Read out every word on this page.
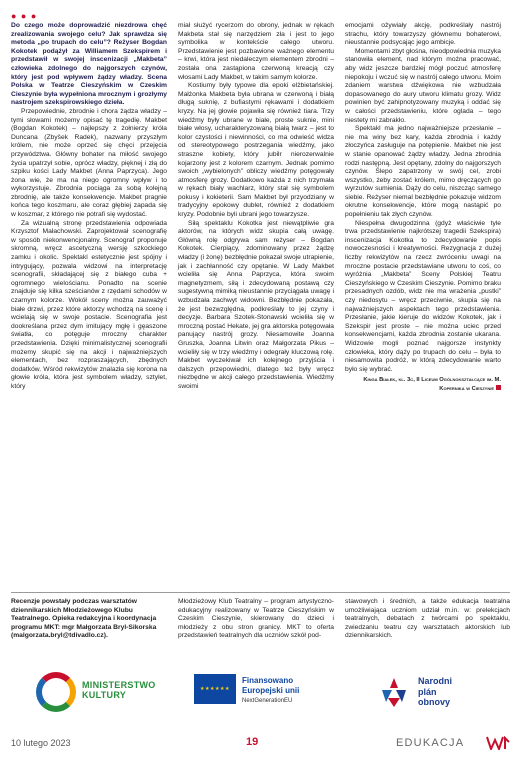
● ● ●

Do czego może doprowadzić niezdrowa chęć zrealizowania swojego celu? Jak sprawdza się metoda „po trupach do celu”? Reżyser Bogdan Kokotek podążył za Williamem Szekspirem i przedstawił w swojej inscenizacji „Makbeta” człowieka zdolnego do najgorszych czynów, który jest pod wpływem żądzy władzy. Scena Polska w Teatrze Cieszyńskim w Czeskim Cieszynie była wypełniona mrocznym i grozłymy nastrojem szekspirowskiego dzieła.

Przepowiednie, zbrodnie i chora żądza władzy – tymi słowami możemy opisać tę tragedię. Makbet (Bogdan Kokotek) – najlepszy z żołnierzy króla Duncana (Zbyšek Radek), nazwany przyszłym królem, nie może oprzeć się chęci przejęcia przywództwa. Główny bohater na miłość swojego życia upatrzył sobie, oprócz władzy, pięknej i złą do szpiku kości Lady Makbet (Anna Paprzyca). Jego żona wie, że ma na niego ogromny wpływ i to wykorzystuje. Zbrodnia pociąga za sobą kolejną zbrodnię, ale także konsekwencje. Makbet pragnie końca tego koszmaru, ale coraz głębiej zapada się w koszmar, z którego nie potrafi się wydostać.

Za wizualną stronę przedstawienia odpowiada Krzysztof Małachowski. Zaprojektował scenografię w sposób niekonwencjonalny. Scenograf proponuje skromną, wręcz ascetyczną wersję szkockiego zamku i okolic. Spektakl estetycznie jest spójny i intrygujący, pozwala widzowi na interpretację scenografii, składającej się z białego cuba + ogromnego wielościanu. Ponadto na scenie znajduje się kilka sześcianów z rzędami schodów w czarnym kolorze. Wokół sceny można zauważyć białe drzwi, przez które aktorzy wchodzą na scenę i wcielają się w swoje postacie. Scenografia jest dookreślana przez dym imitujący mgłę i gęaszone światła, co potęguje mroczny charakter przedstawienia. Dzięki minimalistycznej scenografii możemy skupić się na akcji i najważniejszych elementach, bez rozpraszających, zbędnych dodatków. Wśród rekwizytów znalazła się korona na głowie króla, która jest symbolem władzy, sztylet, który

miał służyć rycerzom do obrony, jednak w rękach Makbeta stał się narzędziem zła i jest to jego symbolika w kontekście całego utworu. Przedstawienie jest pozbawione ważnego elementu – krwi, która jest niedaleczym elementem zbrodni – została ona zastąpiona czerwoną kreacją czy włosami Lady Makbet, w takim samym kolorze.

Kostiumy były typowe dla epoki elżbietańskiej. Małżonka Makbeta była ubrana w czerwoną i białą długą suknię, z bufiastymi rękawami i dodatkiem kryzy. Na jej głowie pojawiła się również tiara. Trzy wiedźmy były ubrane w białe, proste suknie, mini białe włosy, ucharakteryzowaną białą twarz – jest to kolor czystości i niewinności, co ma odwieść widza od stereotypowego postrzegania wiedźmy, jako straszne kobiety, który jubilr nierozerwalnie kojarzony jest z kolorem czarnym. Jednak pomimo swoich „wybielonych” obliczy wiedźmy potęgowały atmosferę grozy. Dodatkowo każda z nich trzymała w rękach biały wachlarz, który stał się symbolem pokusy i kokieterii. Sam Makbet był przyodziany w tradycyjny epokowy dublet, również z dodatkiem kryzy. Podobnie byli ubrani jego towarzysze.

Siłą spektaklu Kokotka jest niewątpliwie gra aktorów, na których widz skupia całą uwagę. Główną rolę odgrywa sam reżyser – Bogdan Kokotek. Cierpiący, zdominowany przez żądzę władzy (i żonę) bezbłędnie pokazał swoje utrapienie, jak i zachłanność czy opętanie. W Lady Makbet wcieliła się Anna Paprzyca, która swoim magnetyzmem, siłą i zdecydowaną postawą czy sugestywną mimiką nieustannie przyciągała uwagę i wzbudzała zachwyt widowni. Bezbłędnie pokazała, że jest bezwzględna, podkreślały to jej czyny i decyzje. Barbara Szotek-Stonawski wcieliła się w mroczną postać Hekate, jej gra aktorska potęgowała panujący nastrój grozy. Niesamowite Joanna Gruszka, Joanna Litwin oraz Małgorzata Pikus – wcieliły się w trzy wiedźmy i odegrały kluczową rolę. Makbet wyczekiwał ich kolejnego przyjścia i dalszych przepowiedni, dlatego też były wręcz niezbędne w akcji całego przedstawienia. Wiedźmy swoimi

emocjami ożywiały akcję, podkreślały nastrój strachu, który towarzyszy głównemu bohaterowi, nieustannie podsycając jego ambicje.

Momentami zbyt głośna, nieodpowiednia muzyka stanowiła element, nad którym można pracować, aby widz jeszcze bardziej mógł poczuć atmosferę niepokoju i wczuć się w nastrój całego utworu. Moim zdaniem warstwa dźwiękowa nie wzbudzała dopasowanego do aury utworu klimatu grozy. Widz powinien być zahipnotyzowany muzyką i oddać się w całości przedstawieniu, które oglada – tego niestety mi zabrakło.

Spektakl ma jedno najważniejsze przesłanie – nie ma winy bez kary, każda zbrodnia i każdy złoczyńca zasługuje na potępienie. Makbet nie jest w stanie opanować żądzy władzy. Jedna zbrodnia rodzi następną. Jest opętany, zdolny do najgorszych czynów. Ślepo zapatrzony w swój cel, zrobi wszystko, żeby zostać królem, mimo dręczących go wyrzutów sumienia. Dąży do celu, niszcząc samego siebie. Reżyser niemal bezbłędnie pokazuje widzom okrutne konsekwencje, które mogą nastąpić po popełnieniu tak złych czynów.

Niespełna dwugodzinna (gdyż właściwie tyle trwa przedstawienie najkrótszej tragedii Szekspira) inscenizacja Kokotka to zdecydowanie popis nowoczesności i kreatywności. Rezygnacja z dużej liczby rekwizytów na rzecz zwróceniu uwagi na mroczne postacie przedstawiane utworu to coś, co wyróżnia „Makbeta” Sceny Polskiej Teatru Cieszyńskiego w Czeskim Cieszynie. Pomimo braku przesadnych ozdób, widz nie ma wrażenia „pustki” czy niedosytu – wręcz przeciwnie, skupia się na najważniejszych aspektach tego przedstawienia. Przesłanie, jakie kieruje do widzów Kokotek, jak i Szekspir jest proste – nie można uciec przed konsekwencjami, każda zbrodnia zostanie ukarana. Widzowie mogli poznać najgorsze instynkty człowieka, który dąży po trupach do celu – była to niesamowita podróż, w którą zdecydowanie warto było się wybrać.

Kinga Białek, kl. 3c, II Liceum Ogólnokształcące im. M. Kopernika w Cieszynie
Recenzje powstały podczas warsztatów dziennikarskich Młodzieżowego Klubu Teatralnego. Opieka redakcyjna i koordynacja programu MKT: mgr Małgorzata Bryl-Sikorska (malgorzata.bryl@tdivadlo.cz).
Młodzieżowy Klub Teatralny – program artystyczno-edukacyjny realizowany w Teatrze Cieszyńskim w Czeskim Cieszynie, skierowany do dzieci i młodzieży z obu stron granicy. MKT to oferta przedstawień teatralnych dla uczniów szkół pod-
stawowych i średnich, a także edukacja teatralna umożliwiająca uczniom udział m.in. w: prelekcjach teatralnych, debatach z twórcami po spektaklu, zwiedzaniu teatru czy warsztatach aktorskich lub dziennikarskich.
MINISTERSTWO KULTURY
★★★★★★
Finansowano
Europejski unii
NextGenerationEU
Narodni
plán
obnovy
10 lutego 2023	19	EDUKACJA
